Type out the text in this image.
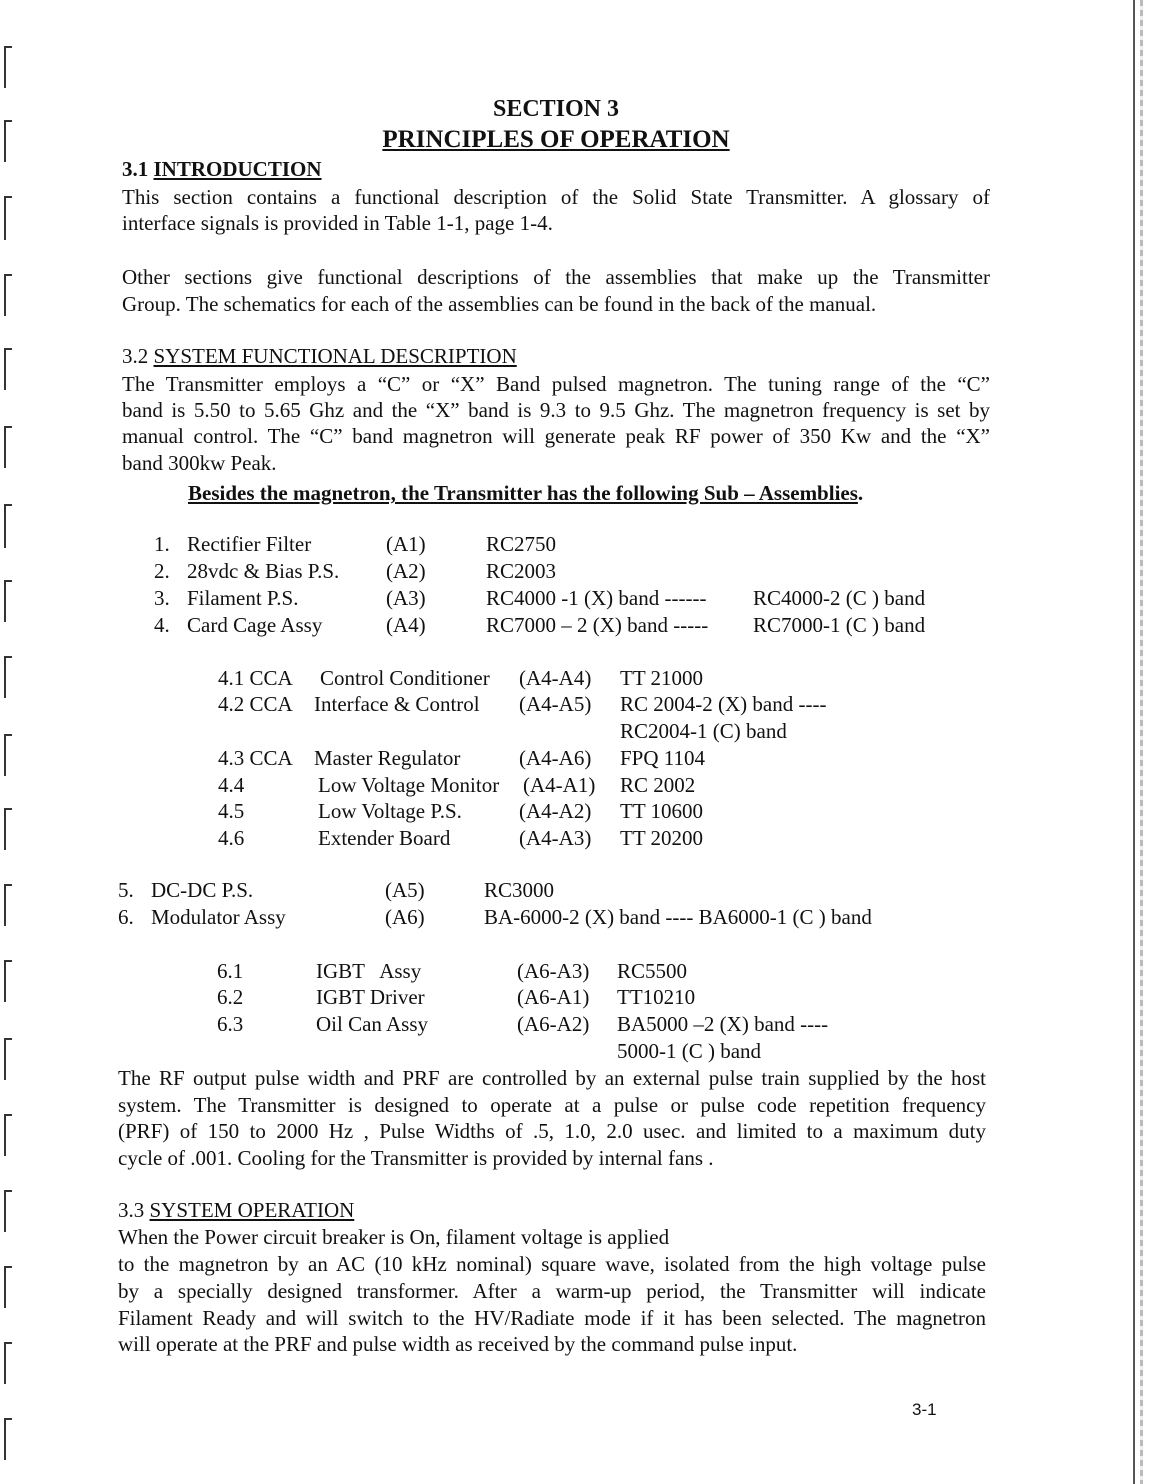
SECTION 3
PRINCIPLES OF OPERATION
3.1 INTRODUCTION
This section contains a functional description of the Solid State Transmitter. A glossary of
interface signals is provided in Table 1-1, page 1-4.
Other sections give functional descriptions of the assemblies that make up the Transmitter
Group. The schematics for each of the assemblies can be found in the back of the manual.
3.2 SYSTEM FUNCTIONAL DESCRIPTION
The Transmitter employs a “C” or “X” Band pulsed magnetron. The tuning range of the “C”
band is 5.50 to 5.65 Ghz and the “X” band is 9.3 to 9.5 Ghz. The magnetron frequency is set by
manual control. The “C” band magnetron will generate peak RF power of 350 Kw and the “X”
band 300kw Peak.
Besides the magnetron, the Transmitter has the following Sub – Assemblies.
1. Rectifier Filter	(A1)	RC2750
2. 28vdc & Bias P.S. (A2)	RC2003
3. Filament P.S.	(A3)	RC4000 -1 (X) band ------ RC4000-2 (C ) band
4. Card Cage Assy	(A4)	RC7000 – 2 (X) band ----- RC7000-1 (C ) band
4.1 CCA Control Conditioner (A4-A4) TT 21000
4.2 CCA Interface & Control (A4-A5) RC 2004-2 (X) band ----
RC2004-1 (C) band
4.3 CCA Master Regulator	(A4-A6) FPQ 1104
4.4	Low Voltage Monitor (A4-A1) RC 2002
4.5	Low Voltage P.S.	(A4-A2) TT 10600
4.6	Extender Board	(A4-A3) TT 20200
5. DC-DC P.S.	(A5)	RC3000
6. Modulator Assy	(A6)	BA-6000-2 (X) band ---- BA6000-1 (C ) band
6.1	IGBT   Assy	(A6-A3) RC5500
6.2	IGBT Driver	(A6-A1) TT10210
6.3	Oil Can Assy	(A6-A2) BA5000 –2 (X) band ----
5000-1 (C ) band
The RF output pulse width and PRF are controlled by an external pulse train supplied by the host
system. The Transmitter is designed to operate at a pulse or pulse code repetition frequency
(PRF) of 150 to 2000 Hz , Pulse Widths of .5, 1.0, 2.0 usec. and limited to a maximum duty
cycle of .001. Cooling for the Transmitter is provided by internal fans .
3.3 SYSTEM OPERATION
When the Power circuit breaker is On, filament voltage is applied
to the magnetron by an AC (10 kHz nominal) square wave, isolated from the high voltage pulse
by a specially designed transformer. After a warm-up period, the Transmitter will indicate
Filament Ready and will switch to the HV/Radiate mode if it has been selected. The magnetron
will operate at the PRF and pulse width as received by the command pulse input.
3-1
